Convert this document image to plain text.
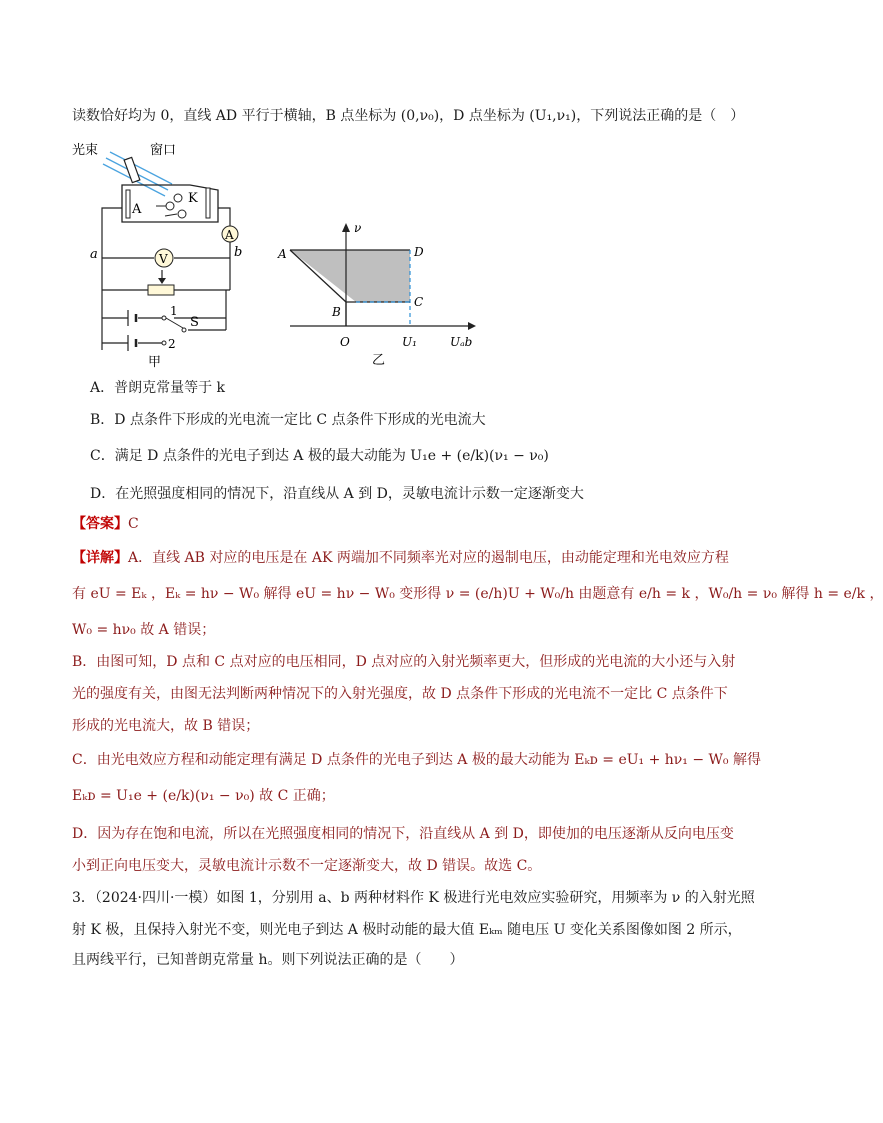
读数恰好均为 0，直线 AD 平行于横轴，B 点坐标为 (0,ν₀)，D 点坐标为 (U₁,ν₁)，下列说法正确的是（　）
光束	窗口
A
K
A
V
a	b
1
S
2
甲
ν
A	D
C
B
O	U₁	Uₐb
乙
A．普朗克常量等于 k
B．D 点条件下形成的光电流一定比 C 点条件下形成的光电流大
C．满足 D 点条件的光电子到达 A 极的最大动能为 U₁e + (e/k)(ν₁ − ν₀)
D．在光照强度相同的情况下，沿直线从 A 到 D，灵敏电流计示数一定逐渐变大
【答案】C
【详解】A．直线 AB 对应的电压是在 AK 两端加不同频率光对应的遏制电压，由动能定理和光电效应方程
有 eU = Eₖ ，Eₖ = hν − W₀ 解得 eU = hν − W₀ 变形得 ν = (e/h)U + W₀/h 由题意有 e/h = k ，W₀/h = ν₀ 解得 h = e/k ，
W₀ = hν₀ 故 A 错误；
B．由图可知，D 点和 C 点对应的电压相同，D 点对应的入射光频率更大，但形成的光电流的大小还与入射
光的强度有关，由图无法判断两种情况下的入射光强度，故 D 点条件下形成的光电流不一定比 C 点条件下
形成的光电流大，故 B 错误；
C．由光电效应方程和动能定理有满足 D 点条件的光电子到达 A 极的最大动能为 Eₖᴅ = eU₁ + hν₁ − W₀ 解得
Eₖᴅ = U₁e + (e/k)(ν₁ − ν₀) 故 C 正确；
D．因为存在饱和电流，所以在光照强度相同的情况下，沿直线从 A 到 D，即使加的电压逐渐从反向电压变
小到正向电压变大，灵敏电流计示数不一定逐渐变大，故 D 错误。故选 C。
3．（2024·四川·一模）如图 1，分别用 a、b 两种材料作 K 极进行光电效应实验研究，用频率为 ν 的入射光照
射 K 极，且保持入射光不变，则光电子到达 A 极时动能的最大值 Eₖₘ 随电压 U 变化关系图像如图 2 所示，
且两线平行，已知普朗克常量 h。则下列说法正确的是（　　）
